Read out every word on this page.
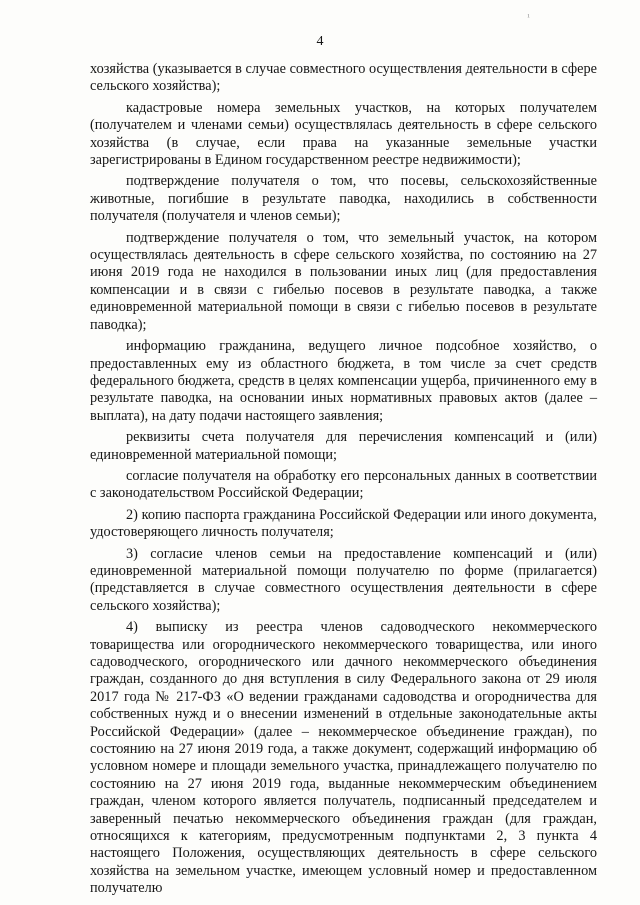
¹
4

хозяйства (указывается в случае совместного осуществления деятельности в сфере сельского хозяйства);

кадастровые номера земельных участков, на которых получателем (получателем и членами семьи) осуществлялась деятельность в сфере сельского хозяйства (в случае, если права на указанные земельные участки зарегистрированы в Едином государственном реестре недвижимости);

подтверждение получателя о том, что посевы, сельскохозяйственные животные, погибшие в результате паводка, находились в собственности получателя (получателя и членов семьи);

подтверждение получателя о том, что земельный участок, на котором осуществлялась деятельность в сфере сельского хозяйства, по состоянию на 27 июня 2019 года не находился в пользовании иных лиц (для предоставления компенсации и в связи с гибелью посевов в результате паводка, а также единовременной материальной помощи в связи с гибелью посевов в результате паводка);

информацию гражданина, ведущего личное подсобное хозяйство, о предоставленных ему из областного бюджета, в том числе за счет средств федерального бюджета, средств в целях компенсации ущерба, причиненного ему в результате паводка, на основании иных нормативных правовых актов (далее – выплата), на дату подачи настоящего заявления;

реквизиты счета получателя для перечисления компенсаций и (или) единовременной материальной помощи;

согласие получателя на обработку его персональных данных в соответствии с законодательством Российской Федерации;

2) копию паспорта гражданина Российской Федерации или иного документа, удостоверяющего личность получателя;

3) согласие членов семьи на предоставление компенсаций и (или) единовременной материальной помощи получателю по форме (прилагается) (представляется в случае совместного осуществления деятельности в сфере сельского хозяйства);

4) выписку из реестра членов садоводческого некоммерческого товарищества или огороднического некоммерческого товарищества, или иного садоводческого, огороднического или дачного некоммерческого объединения граждан, созданного до дня вступления в силу Федерального закона от 29 июля 2017 года № 217-ФЗ «О ведении гражданами садоводства и огородничества для собственных нужд и о внесении изменений в отдельные законодательные акты Российской Федерации» (далее – некоммерческое объединение граждан), по состоянию на 27 июня 2019 года, а также документ, содержащий информацию об условном номере и площади земельного участка, принадлежащего получателю по состоянию на 27 июня 2019 года, выданные некоммерческим объединением граждан, членом которого является получатель, подписанный председателем и заверенный печатью некоммерческого объединения граждан (для граждан, относящихся к категориям, предусмотренным подпунктами 2, 3 пункта 4 настоящего Положения, осуществляющих деятельность в сфере сельского хозяйства на земельном участке, имеющем условный номер и предоставленном получателю
